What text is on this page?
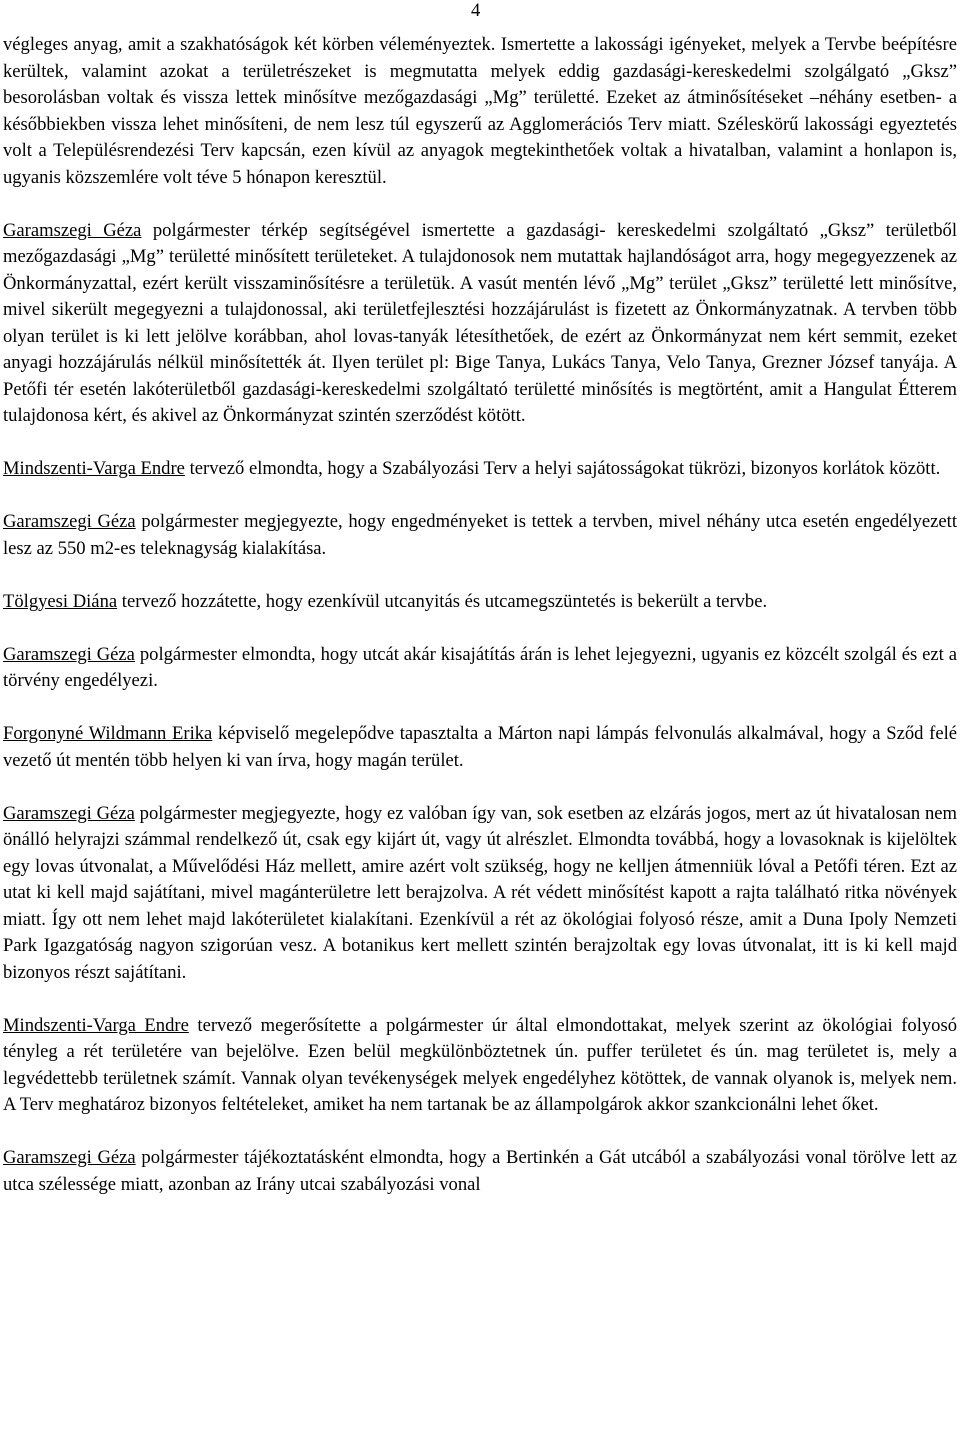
4

végleges anyag, amit a szakhatóságok két körben véleményeztek. Ismertette a lakossági igényeket, melyek a Tervbe beépítésre kerültek, valamint azokat a területrészeket is megmutatta melyek eddig gazdasági-kereskedelmi szolgálgató „Gksz” besorolásban voltak és vissza lettek minősítve mezőgazdasági „Mg” területté. Ezeket az átminősítéseket –néhány esetben- a későbbiekben vissza lehet minősíteni, de nem lesz túl egyszerű az Agglomerációs Terv miatt. Széleskörű lakossági egyeztetés volt a Településrendezési Terv kapcsán, ezen kívül az anyagok megtekinthetőek voltak a hivatalban, valamint a honlapon is, ugyanis közszemlére volt téve 5 hónapon keresztül.

Garamszegi Géza polgármester térkép segítségével ismertette a gazdasági- kereskedelmi szolgáltató „Gksz” területből mezőgazdasági „Mg” területté minősített területeket. A tulajdonosok nem mutattak hajlandóságot arra, hogy megegyezzenek az Önkormányzattal, ezért került visszaminősítésre a területük. A vasút mentén lévő „Mg” terület „Gksz” területté lett minősítve, mivel sikerült megegyezni a tulajdonossal, aki területfejlesztési hozzájárulást is fizetett az Önkormányzatnak. A tervben több olyan terület is ki lett jelölve korábban, ahol lovas-tanyák létesíthetőek, de ezért az Önkormányzat nem kért semmit, ezeket anyagi hozzájárulás nélkül minősítették át. Ilyen terület pl: Bige Tanya, Lukács Tanya, Velo Tanya, Grezner József tanyája. A Petőfi tér esetén lakóterületből gazdasági-kereskedelmi szolgáltató területté minősítés is megtörtént, amit a Hangulat Étterem tulajdonosa kért, és akivel az Önkormányzat szintén szerződést kötött.

Mindszenti-Varga Endre tervező elmondta, hogy a Szabályozási Terv a helyi sajátosságokat tükrözi, bizonyos korlátok között.

Garamszegi Géza polgármester megjegyezte, hogy engedményeket is tettek a tervben, mivel néhány utca esetén engedélyezett lesz az 550 m2-es teleknagyság kialakítása.

Tölgyesi Diána tervező hozzátette, hogy ezenkívül utcanyitás és utcamegszüntetés is bekerült a tervbe.

Garamszegi Géza polgármester elmondta, hogy utcát akár kisajátítás árán is lehet lejegyezni, ugyanis ez közcélt szolgál és ezt a törvény engedélyezi.

Forgonyné Wildmann Erika képviselő megelepődve tapasztalta a Márton napi lámpás felvonulás alkalmával, hogy a Sződ felé vezető út mentén több helyen ki van írva, hogy magán terület.

Garamszegi Géza polgármester megjegyezte, hogy ez valóban így van, sok esetben az elzárás jogos, mert az út hivatalosan nem önálló helyrajzi számmal rendelkező út, csak egy kijárt út, vagy út alrészlet. Elmondta továbbá, hogy a lovasoknak is kijelöltek egy lovas útvonalat, a Művelődési Ház mellett, amire azért volt szükség, hogy ne kelljen átmenniük lóval a Petőfi téren. Ezt az utat ki kell majd sajátítani, mivel magánterületre lett berajzolva. A rét védett minősítést kapott a rajta található ritka növények miatt. Így ott nem lehet majd lakóterületet kialakítani. Ezenkívül a rét az ökológiai folyosó része, amit a Duna Ipoly Nemzeti Park Igazgatóság nagyon szigorúan vesz. A botanikus kert mellett szintén berajzoltak egy lovas útvonalat, itt is ki kell majd bizonyos részt sajátítani.

Mindszenti-Varga Endre tervező megerősítette a polgármester úr által elmondottakat, melyek szerint az ökológiai folyosó tényleg a rét területére van bejelölve. Ezen belül megkülönböztetnek ún. puffer területet és ún. mag területet is, mely a legvédettebb területnek számít. Vannak olyan tevékenységek melyek engedélyhez kötöttek, de vannak olyanok is, melyek nem. A Terv meghatároz bizonyos feltételeket, amiket ha nem tartanak be az állampolgárok akkor szankcionálni lehet őket.

Garamszegi Géza polgármester tájékoztatásként elmondta, hogy a Bertinkén a Gát utcából a szabályozási vonal törölve lett az utca szélessége miatt, azonban az Irány utcai szabályozási vonal
